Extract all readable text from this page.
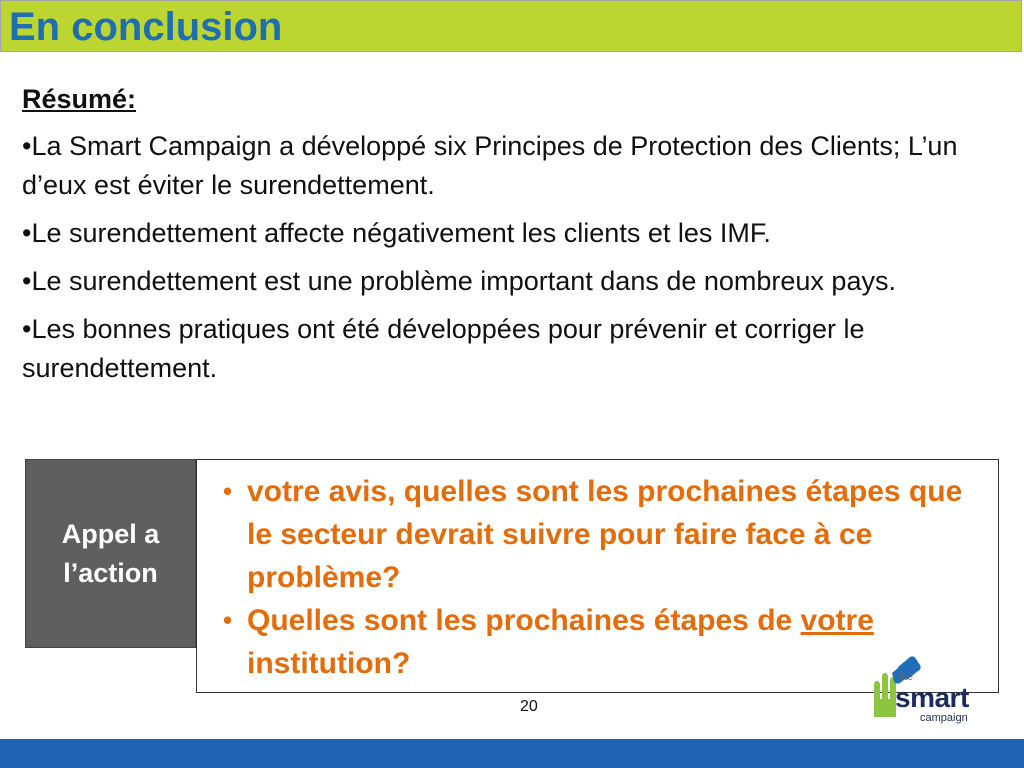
En conclusion
Résumé:
•La Smart Campaign a développé six Principes de Protection des Clients; L’un d’eux est éviter le surendettement.
•Le surendettement affecte négativement les clients et les IMF.
•Le surendettement est une problème important dans de nombreux pays.
•Les bonnes pratiques ont été développées pour prévenir et corriger le surendettement.
Appel a l’action
• votre avis, quelles sont les prochaines étapes que le secteur devrait suivre pour faire face à ce problème?
• Quelles sont les prochaines étapes de votre institution?
20
the
smart
campaign
